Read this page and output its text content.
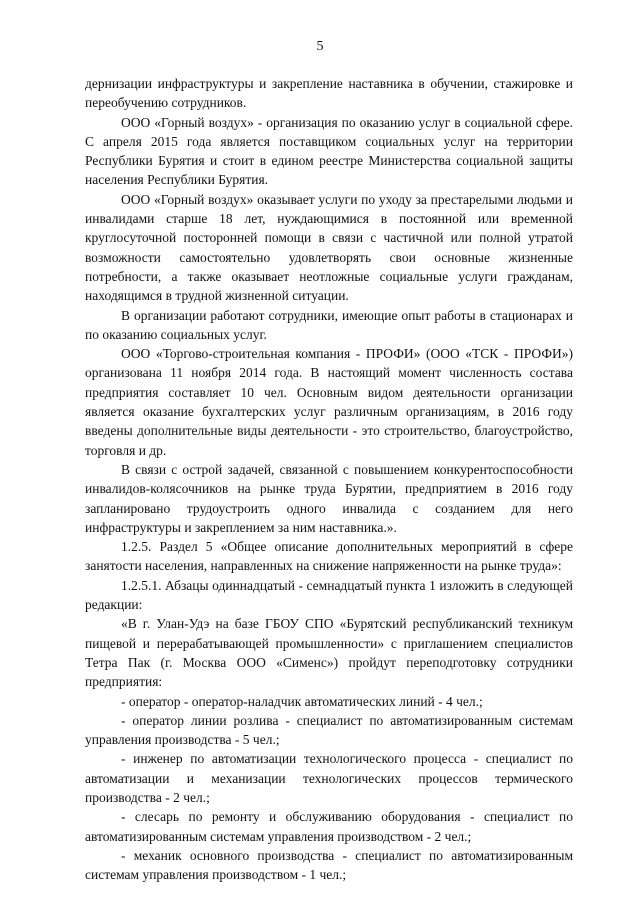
5

дернизации инфраструктуры и закрепление наставника в обучении, стажировке и переобучению сотрудников.

ООО «Горный воздух» - организация по оказанию услуг в социальной сфере. С апреля 2015 года является поставщиком социальных услуг на территории Республики Бурятия и стоит в едином реестре Министерства социальной защиты населения Республики Бурятия.

ООО «Горный воздух» оказывает услуги по уходу за престарелыми людьми и инвалидами старше 18 лет, нуждающимися в постоянной или временной круглосуточной посторонней помощи в связи с частичной или полной утратой возможности самостоятельно удовлетворять свои основные жизненные потребности, а также оказывает неотложные социальные услуги гражданам, находящимся в трудной жизненной ситуации.

В организации работают сотрудники, имеющие опыт работы в стационарах и по оказанию социальных услуг.

ООО «Торгово-строительная компания - ПРОФИ» (ООО «ТСК - ПРОФИ») организована 11 ноября 2014 года. В настоящий момент численность состава предприятия составляет 10 чел. Основным видом деятельности организации является оказание бухгалтерских услуг различным организациям, в 2016 году введены дополнительные виды деятельности - это строительство, благоустройство, торговля и др.

В связи с острой задачей, связанной с повышением конкурентоспособности инвалидов-колясочников на рынке труда Бурятии, предприятием в 2016 году запланировано трудоустроить одного инвалида с созданием для него инфраструктуры и закреплением за ним наставника.».

1.2.5. Раздел 5 «Общее описание дополнительных мероприятий в сфере занятости населения, направленных на снижение напряженности на рынке труда»:

1.2.5.1. Абзацы одиннадцатый - семнадцатый пункта 1 изложить в следующей редакции:

«В г. Улан-Удэ на базе ГБОУ СПО «Бурятский республиканский техникум пищевой и перерабатывающей промышленности» с приглашением специалистов Тетра Пак (г. Москва ООО «Сименс») пройдут переподготовку сотрудники предприятия:

- оператор - оператор-наладчик автоматических линий - 4 чел.;

- оператор линии розлива - специалист по автоматизированным системам управления производства - 5 чел.;

- инженер по автоматизации технологического процесса - специалист по автоматизации и механизации технологических процессов термического производства - 2 чел.;

- слесарь по ремонту и обслуживанию оборудования - специалист по автоматизированным системам управления производством - 2 чел.;

- механик основного производства - специалист по автоматизированным системам управления производством - 1 чел.;
